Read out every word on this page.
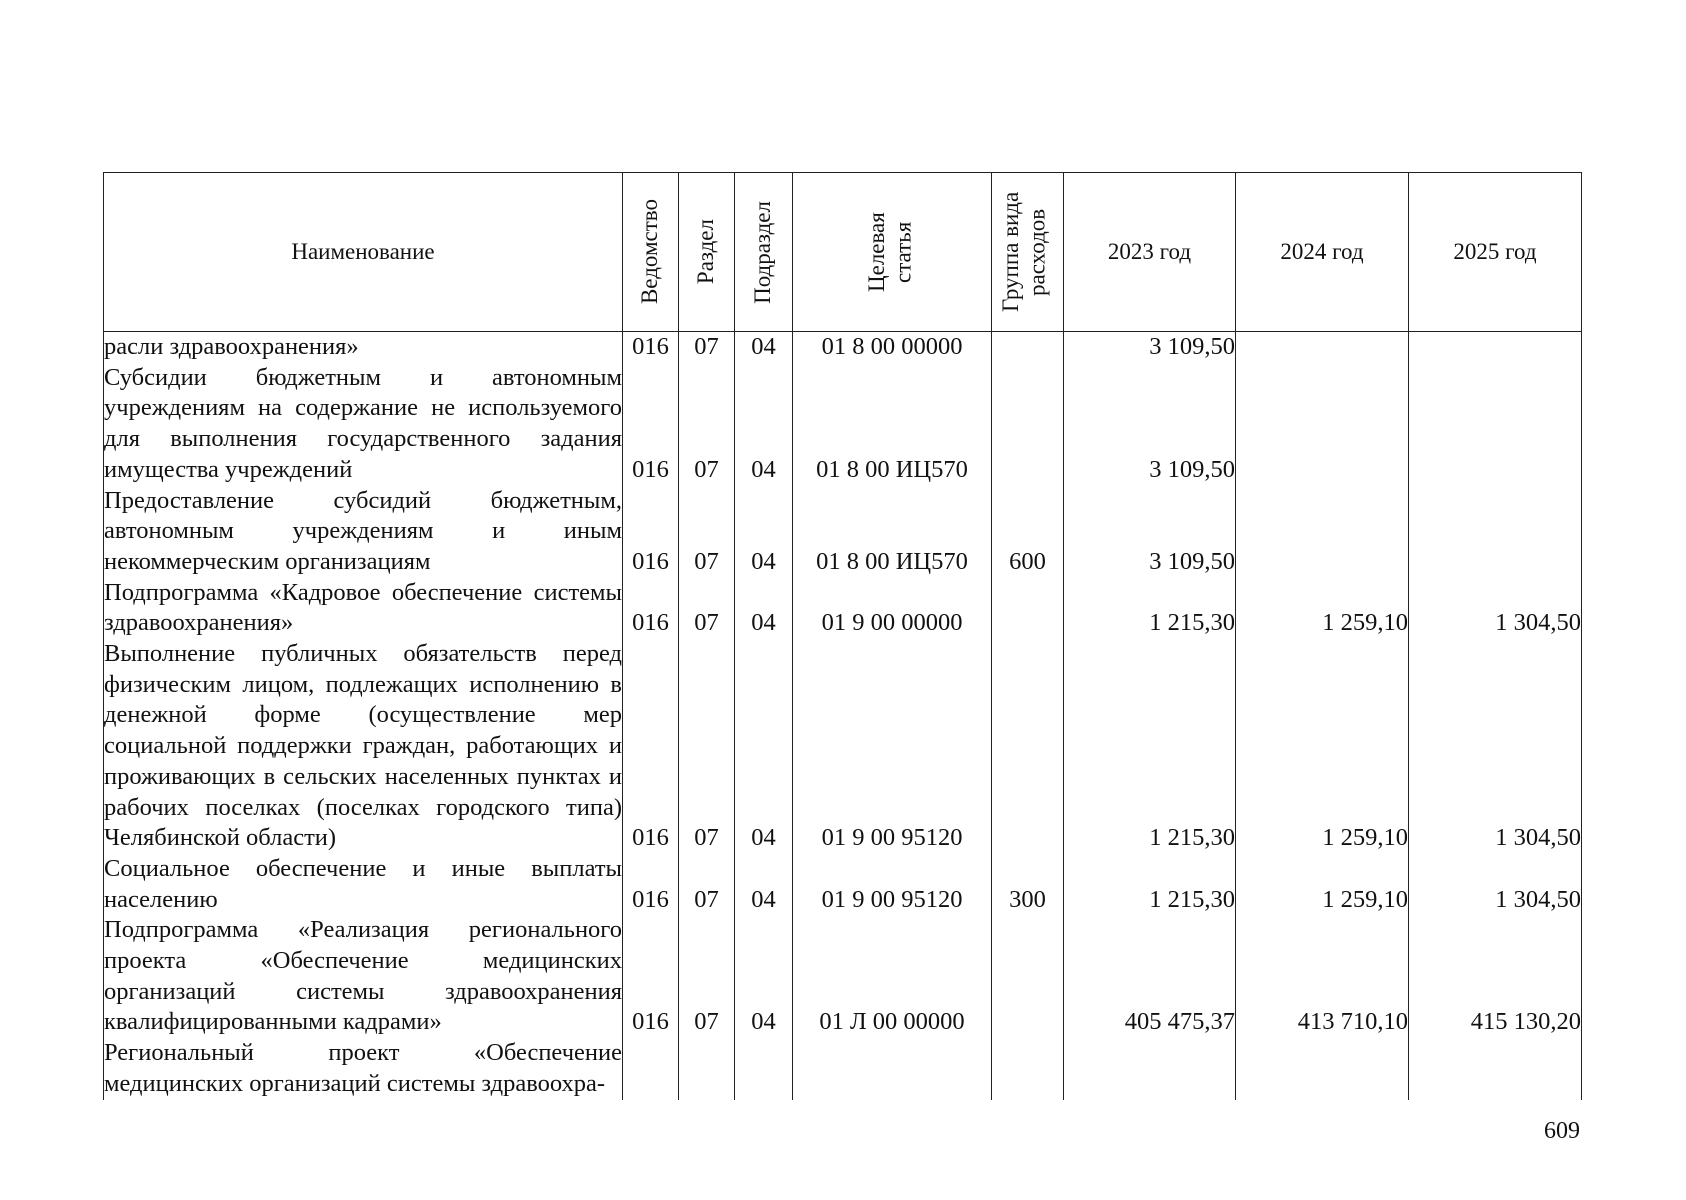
Наименование	Ведомство	Раздел	Подраздел	Целевая статья	Группа вида расходов	2023 год	2024 год	2025 год
расли здравоохранения»	016	07	04	01 8 00 00000		3 109,50		
Субсидии бюджетным и автономным учреждениям на содержание не используемого для выполнения государственного задания имущества учреждений	016	07	04	01 8 00 ИЦ570		3 109,50		
Предоставление субсидий бюджетным, автономным учреждениям и иным некоммерческим организациям	016	07	04	01 8 00 ИЦ570	600	3 109,50		
Подпрограмма «Кадровое обеспечение системы здравоохранения»	016	07	04	01 9 00 00000		1 215,30	1 259,10	1 304,50
Выполнение публичных обязательств перед физическим лицом, подлежащих исполнению в денежной форме (осуществление мер социальной поддержки граждан, работающих и проживающих в сельских населенных пунктах и рабочих поселках (поселках городского типа) Челябинской области)	016	07	04	01 9 00 95120		1 215,30	1 259,10	1 304,50
Социальное обеспечение и иные выплаты населению	016	07	04	01 9 00 95120	300	1 215,30	1 259,10	1 304,50
Подпрограмма «Реализация регионального проекта «Обеспечение медицинских организаций системы здравоохранения квалифицированными кадрами»	016	07	04	01 Л 00 00000		405 475,37	413 710,10	415 130,20
Региональный проект «Обеспечение медицинских организаций системы здравоохра-								
609
